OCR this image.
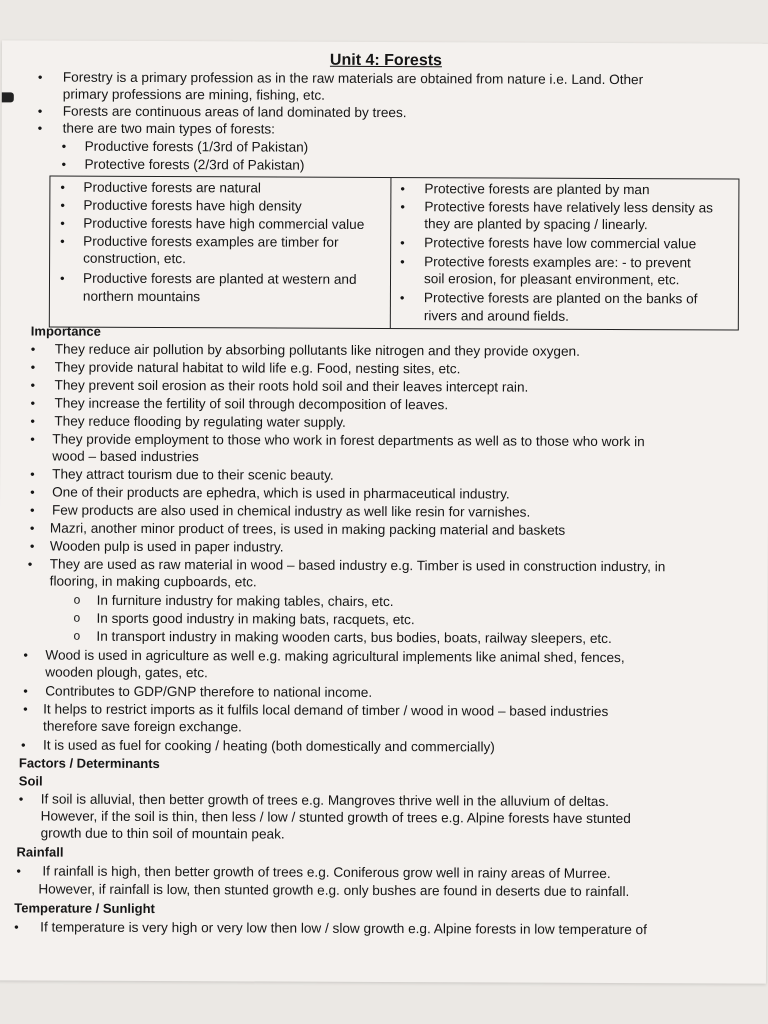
Unit 4: Forests
• Forestry is a primary profession as in the raw materials are obtained from nature i.e. Land. Other
primary professions are mining, fishing, etc.
• Forests are continuous areas of land dominated by trees.
• there are two main types of forests:
• Productive forests (1/3rd of Pakistan)
• Protective forests (2/3rd of Pakistan)
• Productive forests are natural
• Productive forests have high density
• Productive forests have high commercial value
• Productive forests examples are timber for
construction, etc.
• Productive forests are planted at western and
northern mountains
• Protective forests are planted by man
• Protective forests have relatively less density as
they are planted by spacing / linearly.
• Protective forests have low commercial value
• Protective forests examples are: - to prevent
soil erosion, for pleasant environment, etc.
• Protective forests are planted on the banks of
rivers and around fields.
Importance
• They reduce air pollution by absorbing pollutants like nitrogen and they provide oxygen.
• They provide natural habitat to wild life e.g. Food, nesting sites, etc.
• They prevent soil erosion as their roots hold soil and their leaves intercept rain.
• They increase the fertility of soil through decomposition of leaves.
• They reduce flooding by regulating water supply.
• They provide employment to those who work in forest departments as well as to those who work in
wood – based industries
• They attract tourism due to their scenic beauty.
• One of their products are ephedra, which is used in pharmaceutical industry.
• Few products are also used in chemical industry as well like resin for varnishes.
• Mazri, another minor product of trees, is used in making packing material and baskets
• Wooden pulp is used in paper industry.
• They are used as raw material in wood – based industry e.g. Timber is used in construction industry, in
flooring, in making cupboards, etc.
o In furniture industry for making tables, chairs, etc.
o In sports good industry in making bats, racquets, etc.
o In transport industry in making wooden carts, bus bodies, boats, railway sleepers, etc.
• Wood is used in agriculture as well e.g. making agricultural implements like animal shed, fences,
wooden plough, gates, etc.
• Contributes to GDP/GNP therefore to national income.
• It helps to restrict imports as it fulfils local demand of timber / wood in wood – based industries
therefore save foreign exchange.
• It is used as fuel for cooking / heating (both domestically and commercially)
Factors / Determinants
Soil
• If soil is alluvial, then better growth of trees e.g. Mangroves thrive well in the alluvium of deltas.
However, if the soil is thin, then less / low / stunted growth of trees e.g. Alpine forests have stunted
growth due to thin soil of mountain peak.
Rainfall
• If rainfall is high, then better growth of trees e.g. Coniferous grow well in rainy areas of Murree.
However, if rainfall is low, then stunted growth e.g. only bushes are found in deserts due to rainfall.
Temperature / Sunlight
• If temperature is very high or very low then low / slow growth e.g. Alpine forests in low temperature of
